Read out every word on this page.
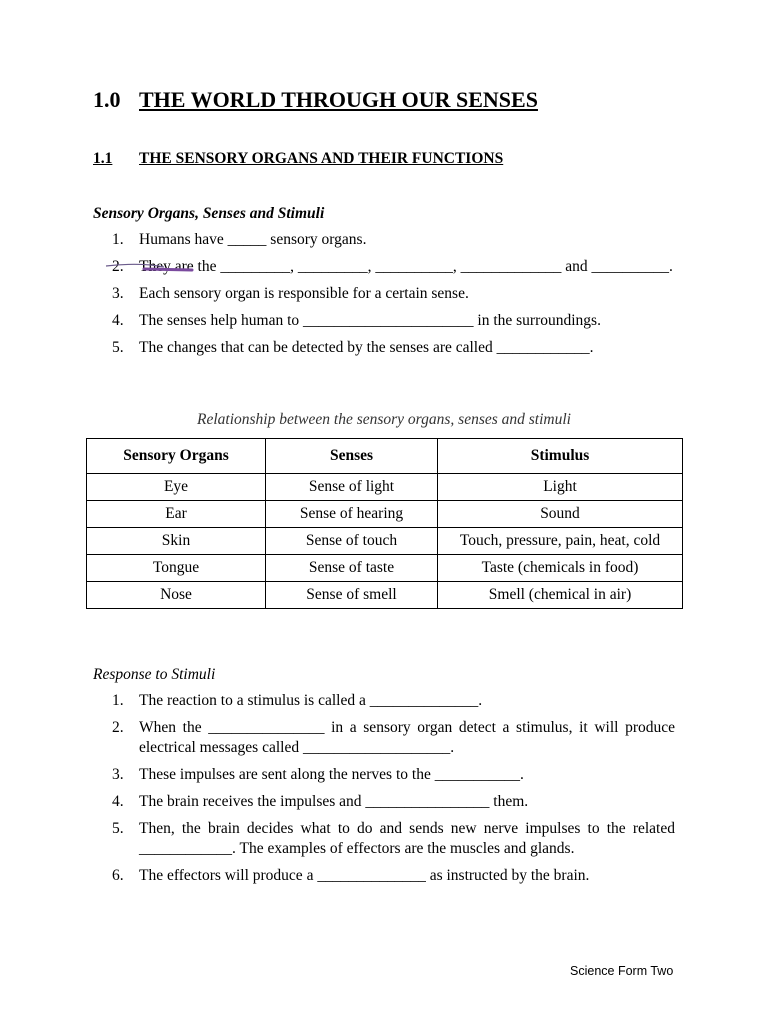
1.0 THE WORLD THROUGH OUR SENSES
1.1 THE SENSORY ORGANS AND THEIR FUNCTIONS
Sensory Organs, Senses and Stimuli
1. Humans have _____ sensory organs.
2. They are the _________, _________, __________, _____________ and __________.
3. Each sensory organ is responsible for a certain sense.
4. The senses help human to ______________________ in the surroundings.
5. The changes that can be detected by the senses are called ____________.
Relationship between the sensory organs, senses and stimuli
Sensory Organs	Senses	Stimulus
Eye	Sense of light	Light
Ear	Sense of hearing	Sound
Skin	Sense of touch	Touch, pressure, pain, heat, cold
Tongue	Sense of taste	Taste (chemicals in food)
Nose	Sense of smell	Smell (chemical in air)
Response to Stimuli
1. The reaction to a stimulus is called a ______________.
2. When the _______________ in a sensory organ detect a stimulus, it will produce electrical messages called ___________________.
3. These impulses are sent along the nerves to the ___________.
4. The brain receives the impulses and ________________ them.
5. Then, the brain decides what to do and sends new nerve impulses to the related ____________. The examples of effectors are the muscles and glands.
6. The effectors will produce a ______________ as instructed by the brain.
Science Form Two
